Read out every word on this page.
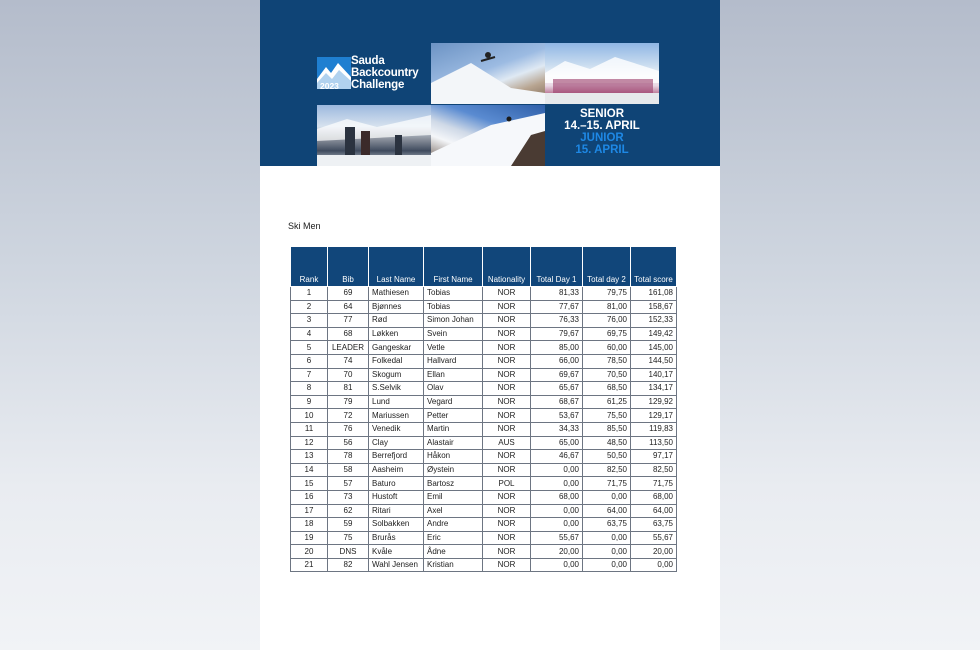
Sauda
Backcountry
Challenge
2023
SENIOR
14.–15. APRIL
JUNIOR
15. APRIL
Ski Men
Rank	Bib	Last Name	First Name	Nationality	Total Day 1	Total day 2	Total score
1	69	Mathiesen	Tobias	NOR	81,33	79,75	161,08
2	64	Bjønnes	Tobias	NOR	77,67	81,00	158,67
3	77	Rød	Simon Johan	NOR	76,33	76,00	152,33
4	68	Løkken	Svein	NOR	79,67	69,75	149,42
5	LEADER	Gangeskar	Vetle	NOR	85,00	60,00	145,00
6	74	Folkedal	Hallvard	NOR	66,00	78,50	144,50
7	70	Skogum	Ellan	NOR	69,67	70,50	140,17
8	81	S.Selvik	Olav	NOR	65,67	68,50	134,17
9	79	Lund	Vegard	NOR	68,67	61,25	129,92
10	72	Mariussen	Petter	NOR	53,67	75,50	129,17
11	76	Venedik	Martin	NOR	34,33	85,50	119,83
12	56	Clay	Alastair	AUS	65,00	48,50	113,50
13	78	Berrefjord	Håkon	NOR	46,67	50,50	97,17
14	58	Aasheim	Øystein	NOR	0,00	82,50	82,50
15	57	Baturo	Bartosz	POL	0,00	71,75	71,75
16	73	Hustoft	Emil	NOR	68,00	0,00	68,00
17	62	Ritari	Axel	NOR	0,00	64,00	64,00
18	59	Solbakken	Andre	NOR	0,00	63,75	63,75
19	75	Brurås	Eric	NOR	55,67	0,00	55,67
20	DNS	Kvåle	Ådne	NOR	20,00	0,00	20,00
21	82	Wahl Jensen	Kristian	NOR	0,00	0,00	0,00
